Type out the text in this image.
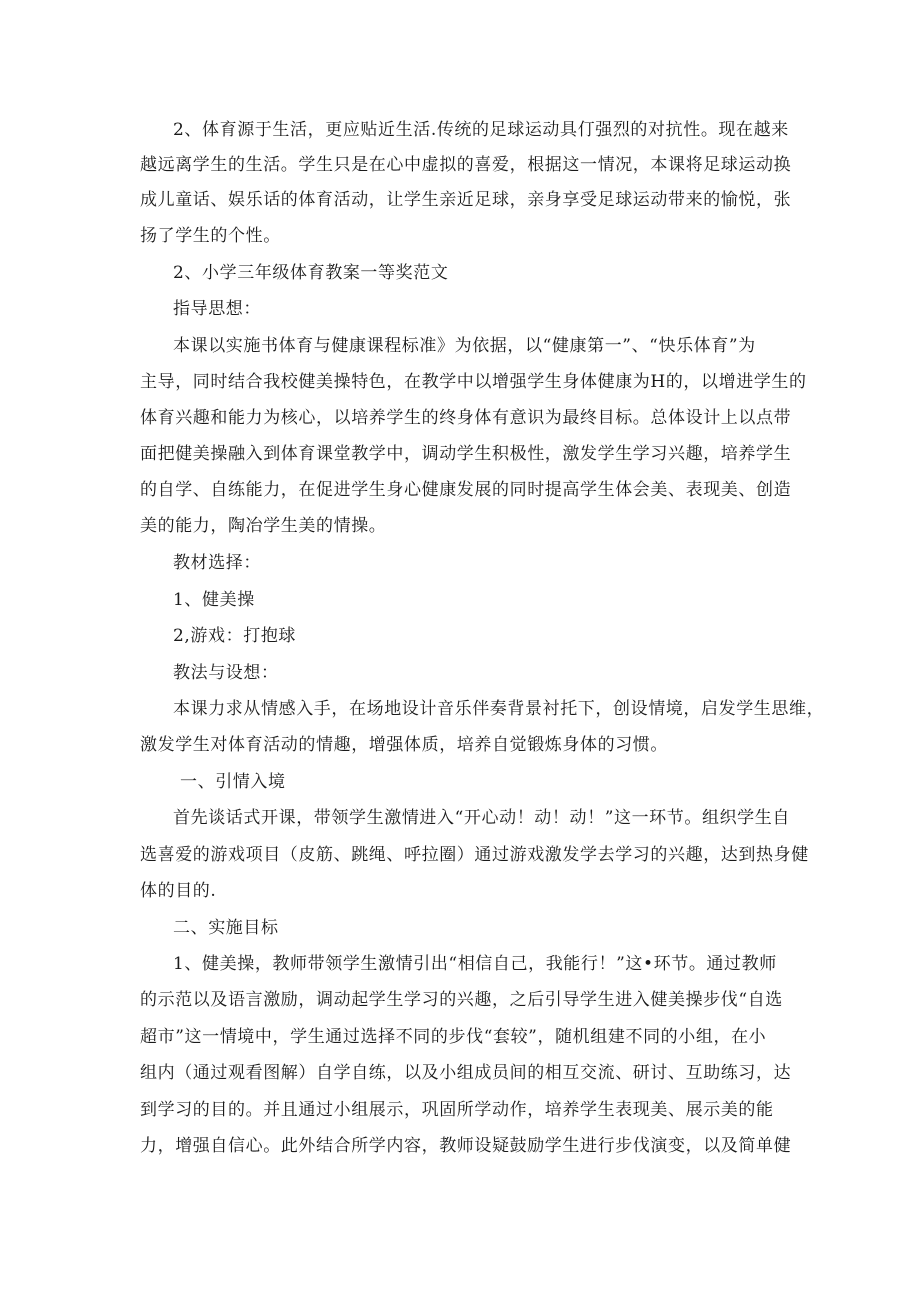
2、体育源于生活，更应贴近生活.传统的足球运动具仃强烈的对抗性。现在越来
越远离学生的生活。学生只是在心中虚拟的喜爱，根据这一情况，本课将足球运动换
成儿童话、娱乐话的体育活动，让学生亲近足球，亲身享受足球运动带来的愉悦，张
扬了学生的个性。
2、小学三年级体育教案一等奖范文
指导思想：
本课以实施书体育与健康课程标准》为依据，以“健康第一”、“快乐体育”为
主导，同时结合我校健美操特色，在教学中以增强学生身体健康为H的，以增进学生的
体育兴趣和能力为核心，以培养学生的终身体有意识为最终目标。总体设计上以点带
面把健美操融入到体育课堂教学中，调动学生积极性，激发学生学习兴趣，培养学生
的自学、自练能力，在促进学生身心健康发展的同时提高学生体会美、表现美、创造
美的能力，陶冶学生美的情操。
教材选择：
1、健美操
2,游戏：打抱球
教法与设想：
本课力求从情感入手，在场地设计音乐伴奏背景衬托下，创设情境，启发学生思维，
激发学生对体育活动的情趣，增强体质，培养自觉锻炼身体的习惯。
一、引情入境
首先谈话式开课，带领学生激情进入“开心动！动！动！”这一环节。组织学生自
选喜爱的游戏项目（皮筋、跳绳、呼拉圈）通过游戏激发学去学习的兴趣，达到热身健
体的目的.
二、实施目标
1、健美操，教师带领学生激情引出“相信自己，我能行！”这•环节。通过教师
的示范以及语言激励，调动起学生学习的兴趣，之后引导学生进入健美操步伐“自选
超市”这一情境中，学生通过选择不同的步伐“套较”，随机组建不同的小组，在小
组内（通过观看图解）自学自练，以及小组成员间的相互交流、研讨、互助练习，达
到学习的目的。并且通过小组展示，巩固所学动作，培养学生表现美、展示美的能
力，增强自信心。此外结合所学内容，教师设疑鼓励学生进行步伐演变，以及简单健
